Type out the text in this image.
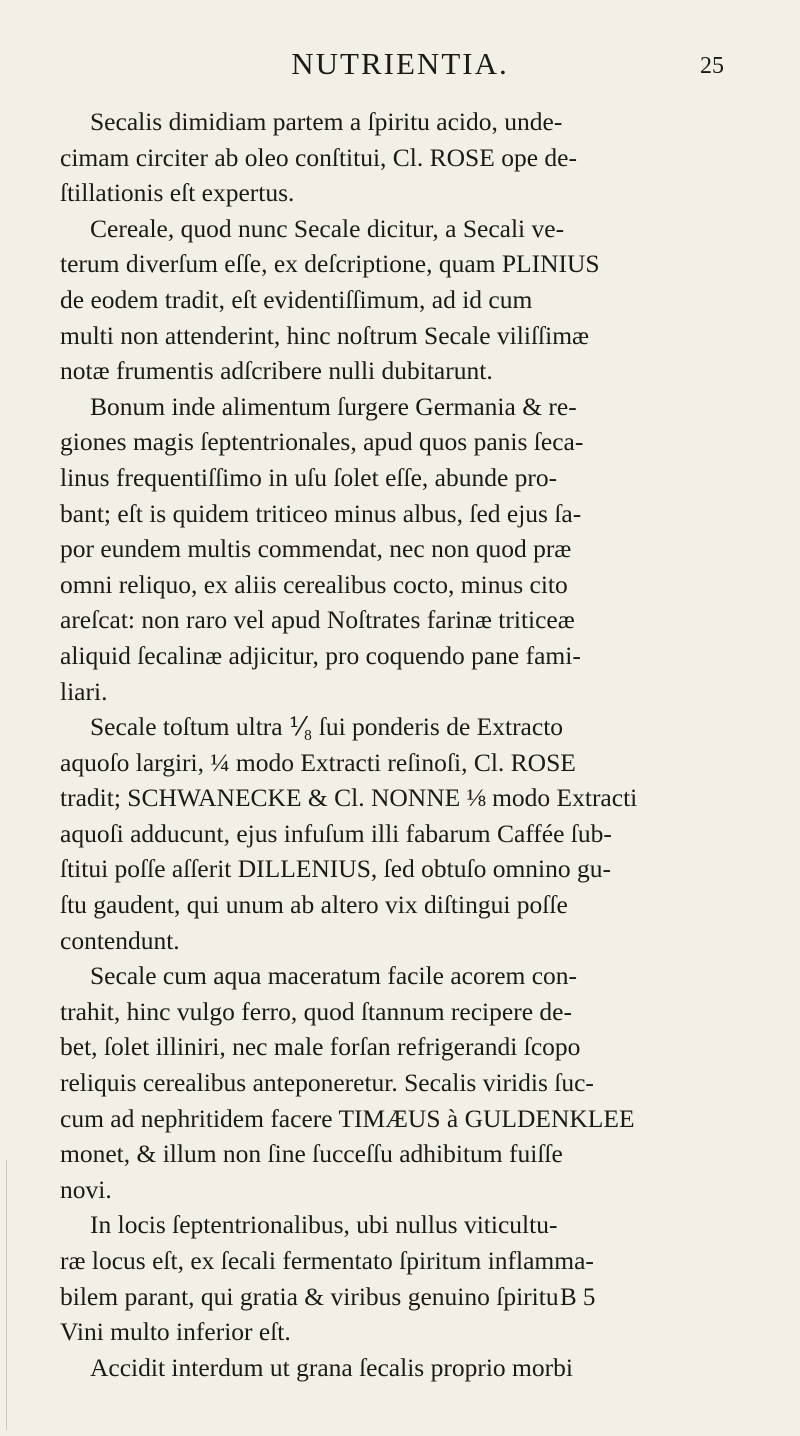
NUTRIENTIA.	25
Secalis dimidiam partem a ſpiritu acido, unde-
cimam circiter ab oleo conſtitui, Cl. ROSE ope de-
ſtillationis eſt expertus.
Cereale, quod nunc Secale dicitur, a Secali ve-
terum diverſum eſſe, ex deſcriptione, quam PLINIUS
de eodem tradit, eſt evidentiſſimum, ad id cum
multi non attenderint, hinc noſtrum Secale viliſſimæ
notæ frumentis adſcribere nulli dubitarunt.
Bonum inde alimentum ſurgere Germania & re-
giones magis ſeptentrionales, apud quos panis ſeca-
linus frequentiſſimo in uſu ſolet eſſe, abunde pro-
bant; eſt is quidem triticeo minus albus, ſed ejus ſa-
por eundem multis commendat, nec non quod præ
omni reliquo, ex aliis cerealibus coctо, minus cito
areſcat: non raro vel apud Noſtrates farinæ triticeæ
aliquid ſecalinæ adjicitur, pro coquendo pane fami-
liari.
Secale toſtum ultra ⅟₈ ſui ponderis de Extracto
aquoſo largiri, ¼ modo Extracti reſinoſi, Cl. ROSE
tradit; SCHWANECKE & Cl. NONNE ⅛ modo Extracti
aquoſi adducunt, ejus infuſum illi fabarum Caffée ſub-
ſtitui poſſe aſſerit DILLENIUS, ſed obtuſo omnino gu-
ſtu gaudent, qui unum ab altero vix diſtingui poſſe
contendunt.
Secale cum aqua maceratum facile acorem con-
trahit, hinc vulgo ferro, quod ſtannum recipere de-
bet, ſolet illiniri, nec male forſan refrigerandi ſcopo
reliquis cerealibus anteponeretur. Secalis viridis ſuc-
cum ad nephritidem facere TIMÆUS à GULDENKLEE
monet, & illum non ſine ſucceſſu adhibitum fuiſſe
novi.
In locis ſeptentrionalibus, ubi nullus viticultu-
ræ locus eſt, ex ſecali fermentato ſpiritum inflamma-
bilem parant, qui gratia & viribus genuino ſpiritu
Vini multo inferior eſt.
Accidit interdum ut grana ſecalis proprio morbi
B 5
